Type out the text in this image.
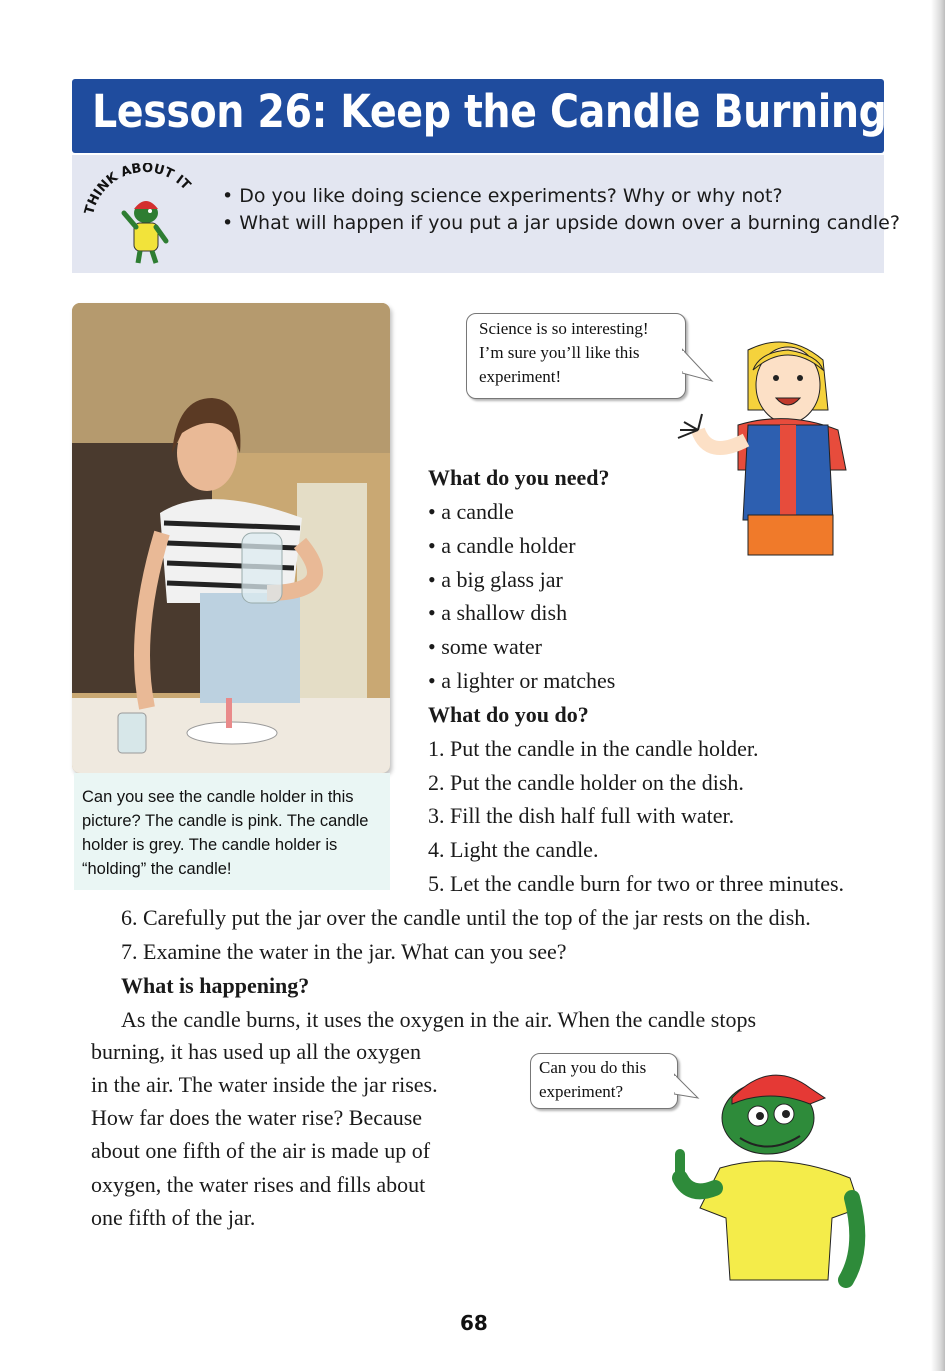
Lesson 26: Keep the Candle Burning
THINK ABOUT IT
• Do you like doing science experiments? Why or why not?
• What will happen if you put a jar upside down over a burning candle?
Can you see the candle holder in this picture? The candle is pink. The candle holder is grey. The candle holder is “holding” the candle!
Science is so interesting!
I’m sure you’ll like this
experiment!
What do you need?
• a candle
• a candle holder
• a big glass jar
• a shallow dish
• some water
• a lighter or matches
What do you do?
1. Put the candle in the candle holder.
2. Put the candle holder on the dish.
3. Fill the dish half full with water.
4. Light the candle.
5. Let the candle burn for two or three minutes.
6. Carefully put the jar over the candle until the top of the jar rests on the dish.
7. Examine the water in the jar. What can you see?
What is happening?
As the candle burns, it uses the oxygen in the air. When the candle stops
burning, it has used up all the oxygen
in the air. The water inside the jar rises.
How far does the water rise? Because
about one fifth of the air is made up of
oxygen, the water rises and fills about
one fifth of the jar.
Can you do this
experiment?
68
